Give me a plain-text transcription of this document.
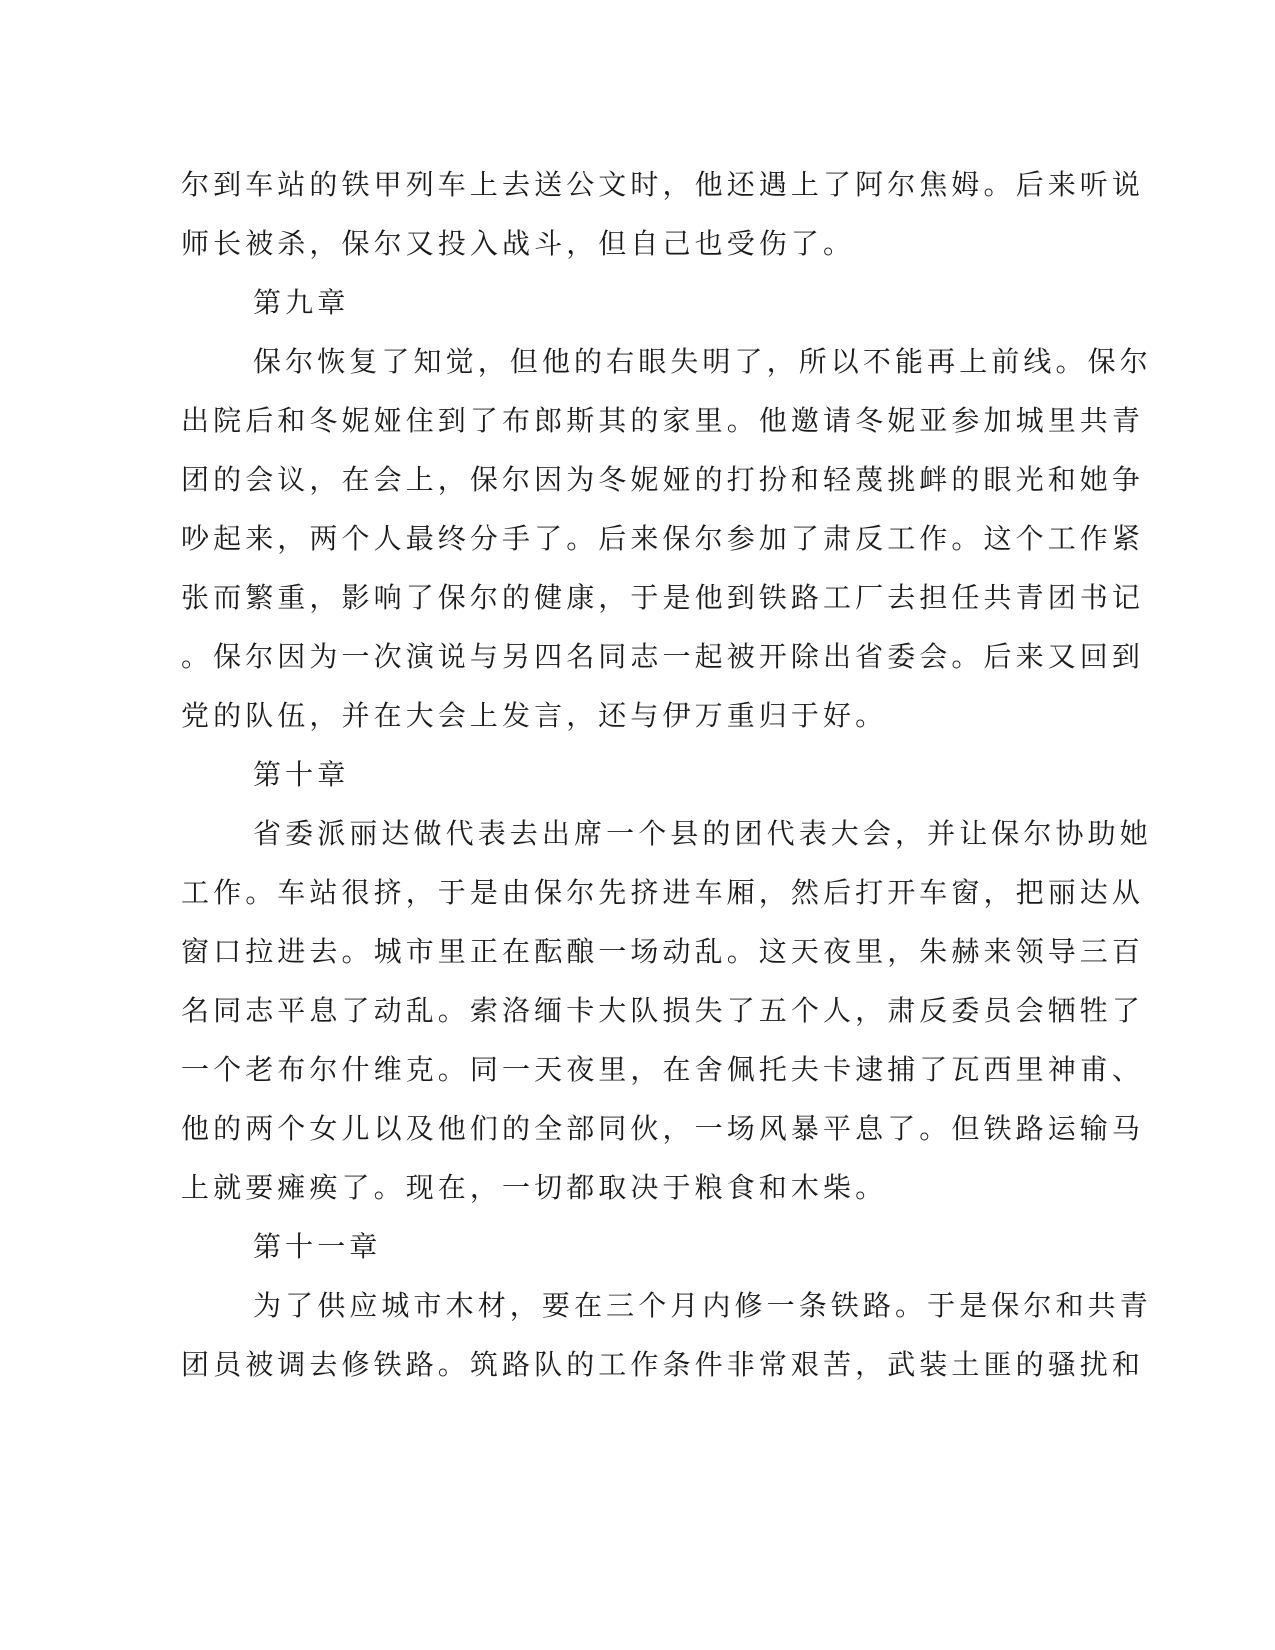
尔到车站的铁甲列车上去送公文时，他还遇上了阿尔焦姆。后来听说
师长被杀，保尔又投入战斗，但自己也受伤了。
第九章
保尔恢复了知觉，但他的右眼失明了，所以不能再上前线。保尔
出院后和冬妮娅住到了布郎斯其的家里。他邀请冬妮亚参加城里共青
团的会议，在会上，保尔因为冬妮娅的打扮和轻蔑挑衅的眼光和她争
吵起来，两个人最终分手了。后来保尔参加了肃反工作。这个工作紧
张而繁重，影响了保尔的健康，于是他到铁路工厂去担任共青团书记
。保尔因为一次演说与另四名同志一起被开除出省委会。后来又回到
党的队伍，并在大会上发言，还与伊万重归于好。
第十章
省委派丽达做代表去出席一个县的团代表大会，并让保尔协助她
工作。车站很挤，于是由保尔先挤进车厢，然后打开车窗，把丽达从
窗口拉进去。城市里正在酝酿一场动乱。这天夜里，朱赫来领导三百
名同志平息了动乱。索洛缅卡大队损失了五个人，肃反委员会牺牲了
一个老布尔什维克。同一天夜里，在舍佩托夫卡逮捕了瓦西里神甫、
他的两个女儿以及他们的全部同伙，一场风暴平息了。但铁路运输马
上就要瘫痪了。现在，一切都取决于粮食和木柴。
第十一章
为了供应城市木材，要在三个月内修一条铁路。于是保尔和共青
团员被调去修铁路。筑路队的工作条件非常艰苦，武装土匪的骚扰和
